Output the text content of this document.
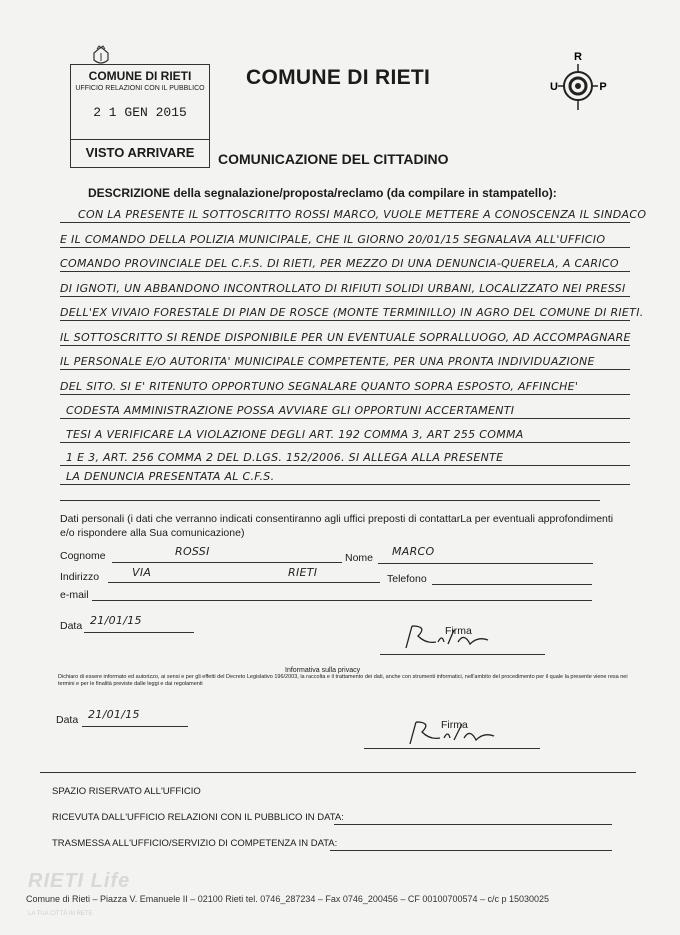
COMUNE DI RIETI
UFFICIO RELAZIONI CON IL PUBBLICO
2 1 GEN 2015
VISTO ARRIVARE
COMUNE DI RIETI
COMUNICAZIONE DEL CITTADINO
R
U	P
DESCRIZIONE della segnalazione/proposta/reclamo (da compilare in stampatello):
CON LA PRESENTE IL SOTTOSCRITTO ROSSI MARCO, VUOLE METTERE A CONOSCENZA IL SINDACO
E IL COMANDO DELLA POLIZIA MUNICIPALE, CHE IL GIORNO 20/01/15 SEGNALAVA ALL'UFFICIO
COMANDO PROVINCIALE DEL C.F.S. DI RIETI, PER MEZZO DI UNA DENUNCIA-QUERELA, A CARICO
DI IGNOTI, UN ABBANDONO INCONTROLLATO DI RIFIUTI SOLIDI URBANI, LOCALIZZATO NEI PRESSI
DELL'EX VIVAIO FORESTALE DI PIAN DE ROSCE (MONTE TERMINILLO) IN AGRO DEL COMUNE DI RIETI.
IL SOTTOSCRITTO SI RENDE DISPONIBILE PER UN EVENTUALE SOPRALLUOGO, AD ACCOMPAGNARE
IL PERSONALE E/O AUTORITA' MUNICIPALE COMPETENTE, PER UNA PRONTA INDIVIDUAZIONE
DEL SITO. SI E' RITENUTO OPPORTUNO SEGNALARE QUANTO SOPRA ESPOSTO, AFFINCHE'
CODESTA AMMINISTRAZIONE POSSA AVVIARE GLI OPPORTUNI ACCERTAMENTI
TESI A VERIFICARE LA VIOLAZIONE DEGLI ART. 192 COMMA 3, ART 255 COMMA
1 E 3, ART. 256 COMMA 2 DEL D.LGS. 152/2006. SI ALLEGA ALLA PRESENTE
LA DENUNCIA PRESENTATA AL C.F.S.
Dati personali (i dati che verranno indicati consentiranno agli uffici preposti di contattarLa per eventuali approfondimenti e/o rispondere alla Sua comunicazione)
Cognome	ROSSI	Nome MARCO
Indirizzo	VIA	RIETI	Telefono
e-mail
Data 21/01/15
Firma
Informativa sulla privacy
Dichiaro di essere informato ed autorizzo, ai sensi e per gli effetti del Decreto Legislativo 196/2003, la raccolta e il trattamento dei dati, anche con strumenti informatici, nell'ambito del procedimento per il quale la presente viene resa nei termini e per le finalità previste dalle leggi e dai regolamenti
Data 21/01/15
Firma
SPAZIO RISERVATO ALL'UFFICIO
RICEVUTA DALL'UFFICIO RELAZIONI CON IL PUBBLICO IN DATA:
TRASMESSA ALL'UFFICIO/SERVIZIO DI COMPETENZA IN DATA:
RIETI Life
LA TUA CITTÀ IN RETE
Comune di Rieti – Piazza V. Emanuele II – 02100 Rieti tel. 0746_287234 – Fax 0746_200456 – CF 00100700574 – c/c p 15030025
